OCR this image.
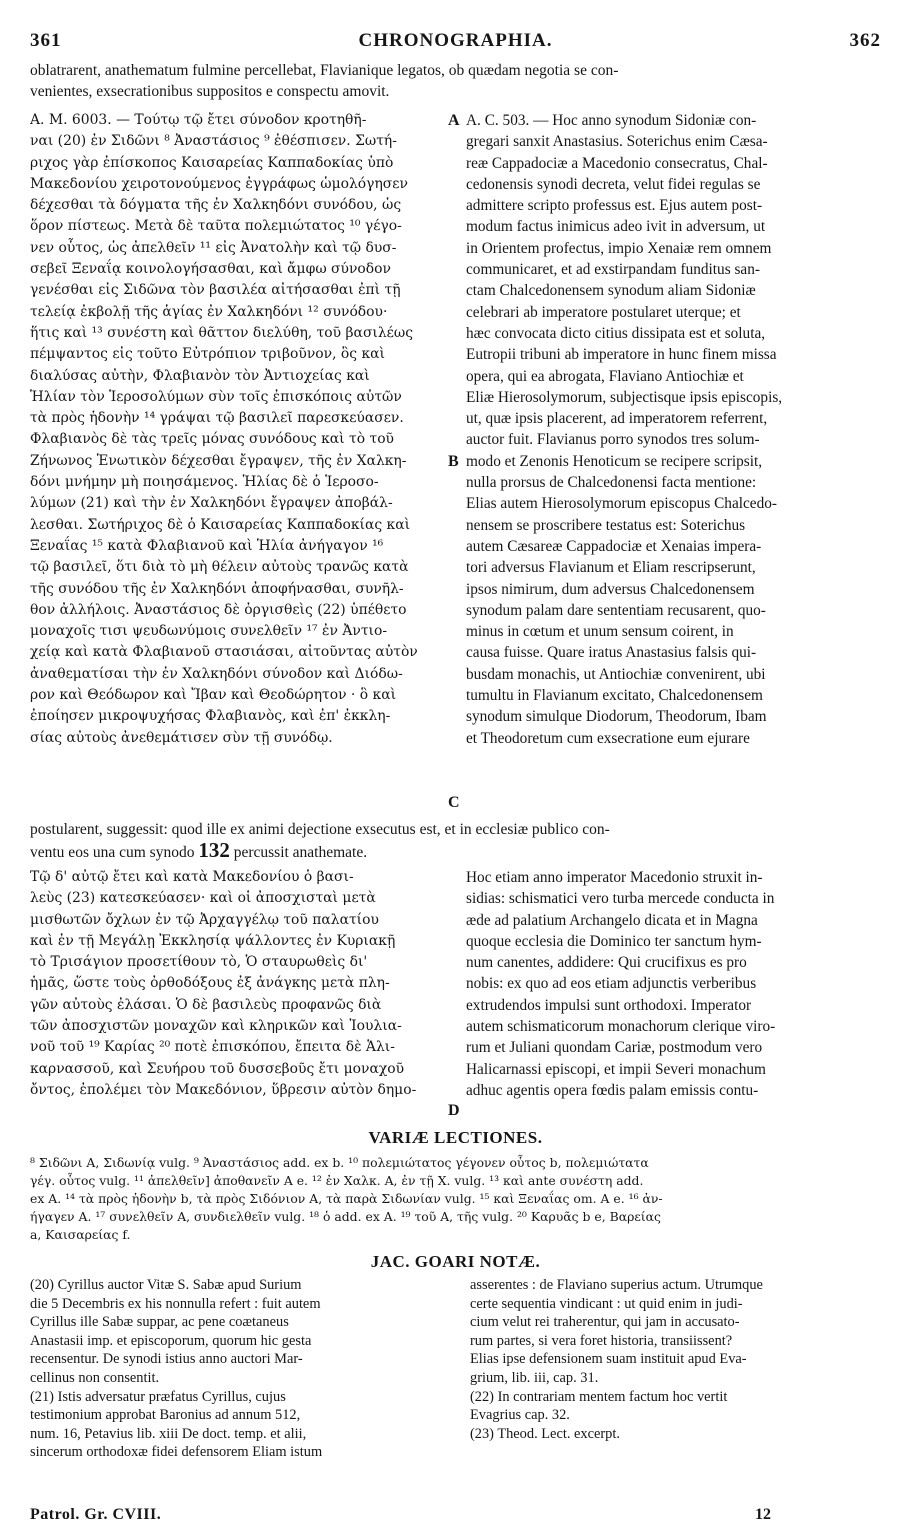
361	CHRONOGRAPHIA.	362
oblatrarent, anathematum fulmine percellebat, Flavianique legatos, ob quædam negotia se con-
venientes, exsecrationibus suppositos e conspectu amovit.
A. M. 6003. — Τούτῳ τῷ ἔτει σύνοδον κροτηθῆ-
ναι (20) ἐν Σιδῶνι ⁸ Ἀναστάσιος ⁹ ἐθέσπισεν. Σωτή-
ριχος γὰρ ἐπίσκοπος Καισαρείας Καππαδοκίας ὑπὸ
Μακεδονίου χειροτονούμενος ἐγγράφως ὡμολόγησεν
δέχεσθαι τὰ δόγματα τῆς ἐν Χαλκηδόνι συνόδου, ὡς
ὅρον πίστεως. Μετὰ δὲ ταῦτα πολεμιώτατος ¹⁰ γέγο-
νεν οὗτος, ὡς ἀπελθεῖν ¹¹ εἰς Ἀνατολὴν καὶ τῷ δυσ-
σεβεῖ Ξεναΐᾳ κοινολογήσασθαι, καὶ ἄμφω σύνοδον
γενέσθαι εἰς Σιδῶνα τὸν βασιλέα αἰτήσασθαι ἐπὶ τῇ
τελείᾳ ἐκβολῇ τῆς ἁγίας ἐν Χαλκηδόνι ¹² συνόδου·
ἥτις καὶ ¹³ συνέστη καὶ θᾶττον διελύθη, τοῦ βασιλέως
πέμψαντος εἰς τοῦτο Εὐτρόπιον τριβοῦνον, ὃς καὶ
διαλύσας αὐτὴν, Φλαβιανὸν τὸν Ἀντιοχείας καὶ
Ἡλίαν τὸν Ἱεροσολύμων σὺν τοῖς ἐπισκόποις αὐτῶν
τὰ πρὸς ἡδονὴν ¹⁴ γράψαι τῷ βασιλεῖ παρεσκεύασεν.
Φλαβιανὸς δὲ τὰς τρεῖς μόνας συνόδους καὶ τὸ τοῦ
Ζήνωνος Ἑνωτικὸν δέχεσθαι ἔγραψεν, τῆς ἐν Χαλκη-
δόνι μνήμην μὴ ποιησάμενος. Ἡλίας δὲ ὁ Ἱεροσο-
λύμων (21) καὶ τὴν ἐν Χαλκηδόνι ἔγραψεν ἀποβάλ-
λεσθαι. Σωτήριχος δὲ ὁ Καισαρείας Καππαδοκίας καὶ
Ξεναΐας ¹⁵ κατὰ Φλαβιανοῦ καὶ Ἡλία ἀνήγαγον ¹⁶
τῷ βασιλεῖ, ὅτι διὰ τὸ μὴ θέλειν αὐτοὺς τρανῶς κατὰ
τῆς συνόδου τῆς ἐν Χαλκηδόνι ἀποφήνασθαι, συνῆλ-
θον ἀλλήλοις. Ἀναστάσιος δὲ ὀργισθεὶς (22) ὑπέθετο
μοναχοῖς τισι ψευδωνύμοις συνελθεῖν ¹⁷ ἐν Ἀντιο-
χείᾳ καὶ κατὰ Φλαβιανοῦ στασιάσαι, αἰτοῦντας αὐτὸν
ἀναθεματίσαι τὴν ἐν Χαλκηδόνι σύνοδον καὶ Διόδω-
ρον καὶ Θεόδωρον καὶ Ἴβαν καὶ Θεοδώρητον · ὃ καὶ
ἐποίησεν μικροψυχήσας Φλαβιανὸς, καὶ ἐπ' ἐκκλη-
σίας αὐτοὺς ἀνεθεμάτισεν σὺν τῇ συνόδῳ.
A. C. 503. — Hoc anno synodum Sidoniæ con-
gregari sanxit Anastasius. Soterichus enim Cæsa-
reæ Cappadociæ a Macedonio consecratus, Chal-
cedonensis synodi decreta, velut fidei regulas se
admittere scripto professus est. Ejus autem post-
modum factus inimicus adeo ivit in adversum, ut
in Orientem profectus, impio Xenaiæ rem omnem
communicaret, et ad exstirpandam funditus san-
ctam Chalcedonensem synodum aliam Sidoniæ
celebrari ab imperatore postularet uterque; et
hæc convocata dicto citius dissipata est et soluta,
Eutropii tribuni ab imperatore in hunc finem missa
opera, qui ea abrogata, Flaviano Antiochiæ et
Eliæ Hierosolymorum, subjectisque ipsis episcopis,
ut, quæ ipsis placerent, ad imperatorem referrent,
auctor fuit. Flavianus porro synodos tres solum-
modo et Zenonis Henoticum se recipere scripsit,
nulla prorsus de Chalcedonensi facta mentione:
Elias autem Hierosolymorum episcopus Chalcedo-
nensem se proscribere testatus est: Soterichus
autem Cæsareæ Cappadociæ et Xenaias impera-
tori adversus Flavianum et Eliam rescripserunt,
ipsos nimirum, dum adversus Chalcedonensem
synodum palam dare sententiam recusarent, quo-
minus in cœtum et unum sensum coirent, in
causa fuisse. Quare iratus Anastasius falsis qui-
busdam monachis, ut Antiochiæ convenirent, ubi
tumultu in Flavianum excitato, Chalcedonensem
synodum simulque Diodorum, Theodorum, Ibam
et Theodoretum cum exsecratione eum ejurare
A
B
C
D
postularent, suggessit: quod ille ex animi dejectione exsecutus est, et in ecclesiæ publico con-
ventu eos una cum synodo 132 percussit anathemate.
Τῷ δ' αὐτῷ ἔτει καὶ κατὰ Μακεδονίου ὁ βασι-
λεὺς (23) κατεσκεύασεν· καὶ οἱ ἀποσχισταὶ μετὰ
μισθωτῶν ὄχλων ἐν τῷ Ἀρχαγγέλῳ τοῦ παλατίου
καὶ ἐν τῇ Μεγάλῃ Ἐκκλησίᾳ ψάλλοντες ἐν Κυριακῇ
τὸ Τρισάγιον προσετίθουν τὸ, Ὁ σταυρωθεὶς δι'
ἡμᾶς, ὥστε τοὺς ὀρθοδόξους ἐξ ἀνάγκης μετὰ πλη-
γῶν αὐτοὺς ἐλάσαι. Ὁ δὲ βασιλεὺς προφανῶς διὰ
τῶν ἀποσχιστῶν μοναχῶν καὶ κληρικῶν καὶ Ἰουλια-
νοῦ τοῦ ¹⁹ Καρίας ²⁰ ποτὲ ἐπισκόπου, ἔπειτα δὲ Ἁλι-
καρνασσοῦ, καὶ Σευήρου τοῦ δυσσεβοῦς ἔτι μοναχοῦ
ὄντος, ἐπολέμει τὸν Μακεδόνιον, ὕβρεσιν αὐτὸν δημο-
Hoc etiam anno imperator Macedonio struxit in-
sidias: schismatici vero turba mercede conducta in
æde ad palatium Archangelo dicata et in Magna
quoque ecclesia die Dominico ter sanctum hym-
num canentes, addidere: Qui crucifixus es pro
nobis: ex quo ad eos etiam adjunctis verberibus
extrudendos impulsi sunt orthodoxi. Imperator
autem schismaticorum monachorum clerique viro-
rum et Juliani quondam Cariæ, postmodum vero
Halicarnassi episcopi, et impii Severi monachum
adhuc agentis opera fœdis palam emissis contu-
VARIÆ LECTIONES.
⁸ Σιδῶνι A, Σιδωνίᾳ vulg. ⁹ Ἀναστάσιος add. ex b. ¹⁰ πολεμιώτατος γέγονεν οὗτος b, πολεμιώτατα
γέγ. οὗτος vulg. ¹¹ ἀπελθεῖν] ἀποθανεῖν A e. ¹² ἐν Χαλκ. A, ἐν τῇ X. vulg. ¹³ καὶ ante συνέστη add.
ex A. ¹⁴ τὰ πρὸς ἡδονὴν b, τὰ πρὸς Σιδόνιον A, τὰ παρὰ Σιδωνίαν vulg. ¹⁵ καὶ Ξεναΐας om. A e. ¹⁶ ἀν-
ήγαγεν A. ¹⁷ συνελθεῖν A, συνδιελθεῖν vulg. ¹⁸ ὁ add. ex A. ¹⁹ τοῦ A, τῆς vulg. ²⁰ Καρυᾶς b e, Βαρείας
a, Καισαρείας f.
JAC. GOARI NOTÆ.
(20) Cyrillus auctor Vitæ S. Sabæ apud Surium
die 5 Decembris ex his nonnulla refert : fuit autem
Cyrillus ille Sabæ suppar, ac pene coætaneus
Anastasii imp. et episcoporum, quorum hic gesta
recensentur. De synodi istius anno auctori Mar-
cellinus non consentit.
(21) Istis adversatur præfatus Cyrillus, cujus
testimonium approbat Baronius ad annum 512,
num. 16, Petavius lib. xiii De doct. temp. et alii,
sincerum orthodoxæ fidei defensorem Eliam istum
asserentes : de Flaviano superius actum. Utrumque
certe sequentia vindicant : ut quid enim in judi-
cium velut rei traherentur, qui jam in accusato-
rum partes, si vera foret historia, transiissent?
Elias ipse defensionem suam instituit apud Eva-
grium, lib. iii, cap. 31.
(22) In contrariam mentem factum hoc vertit
Evagrius cap. 32.
(23) Theod. Lect. excerpt.
Patrol. Gr. CVIII.	12
